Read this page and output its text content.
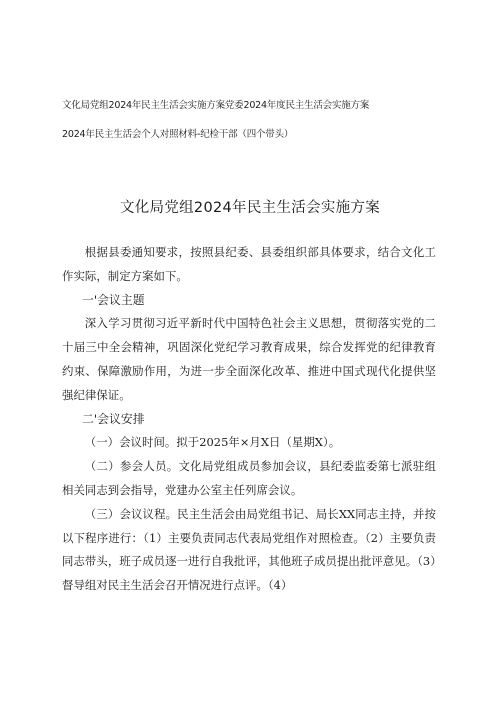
文化局党组2024年民主生活会实施方案党委2024年度民主生活会实施方案
2024年民主生活会个人对照材料-纪检干部（四个带头）
文化局党组2024年民主生活会实施方案

根据县委通知要求，按照县纪委、县委组织部具体要求，结合文化工作实际，制定方案如下。

一'会议主题

深入学习贯彻习近平新时代中国特色社会主义思想，贯彻落实党的二十届三中全会精神，巩固深化党纪学习教育成果，综合发挥党的纪律教育约束、保障激励作用，为进一步全面深化改革、推进中国式现代化提供坚强纪律保证。

二'会议安排

（一）会议时间。拟于2025年×月X日（星期X）。

（二）参会人员。文化局党组成员参加会议，县纪委监委第七派驻组相关同志到会指导，党建办公室主任列席会议。

（三）会议议程。民主生活会由局党组书记、局长XX同志主持，并按以下程序进行：（1）主要负责同志代表局党组作对照检查。（2）主要负责同志带头，班子成员逐一进行自我批评，其他班子成员提出批评意见。（3）督导组对民主生活会召开情况进行点评。（4）
